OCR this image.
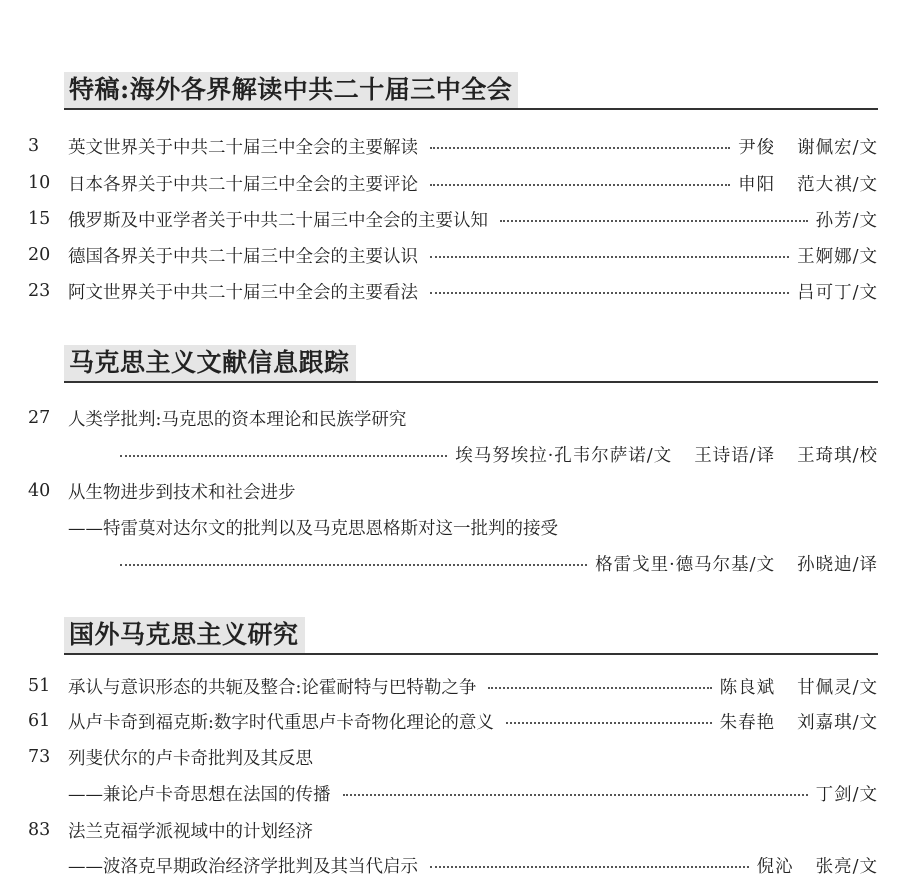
特稿:海外各界解读中共二十届三中全会
3	英文世界关于中共二十届三中全会的主要解读	尹俊 谢佩宏/文
10	日本各界关于中共二十届三中全会的主要评论	申阳 范大祺/文
15	俄罗斯及中亚学者关于中共二十届三中全会的主要认知	孙芳/文
20	德国各界关于中共二十届三中全会的主要认识	王婀娜/文
23	阿文世界关于中共二十届三中全会的主要看法	吕可丁/文
马克思主义文献信息跟踪
27	人类学批判:马克思的资本理论和民族学研究
埃马努埃拉·孔韦尔萨诺/文 王诗语/译 王琦琪/校
40	从生物进步到技术和社会进步
——特雷莫对达尔文的批判以及马克思恩格斯对这一批判的接受
格雷戈里·德马尔基/文 孙晓迪/译
国外马克思主义研究
51	承认与意识形态的共轭及整合:论霍耐特与巴特勒之争	陈良斌 甘佩灵/文
61	从卢卡奇到福克斯:数字时代重思卢卡奇物化理论的意义	朱春艳 刘嘉琪/文
73	列斐伏尔的卢卡奇批判及其反思
——兼论卢卡奇思想在法国的传播	丁剑/文
83	法兰克福学派视域中的计划经济
——波洛克早期政治经济学批判及其当代启示	倪沁 张亮/文
